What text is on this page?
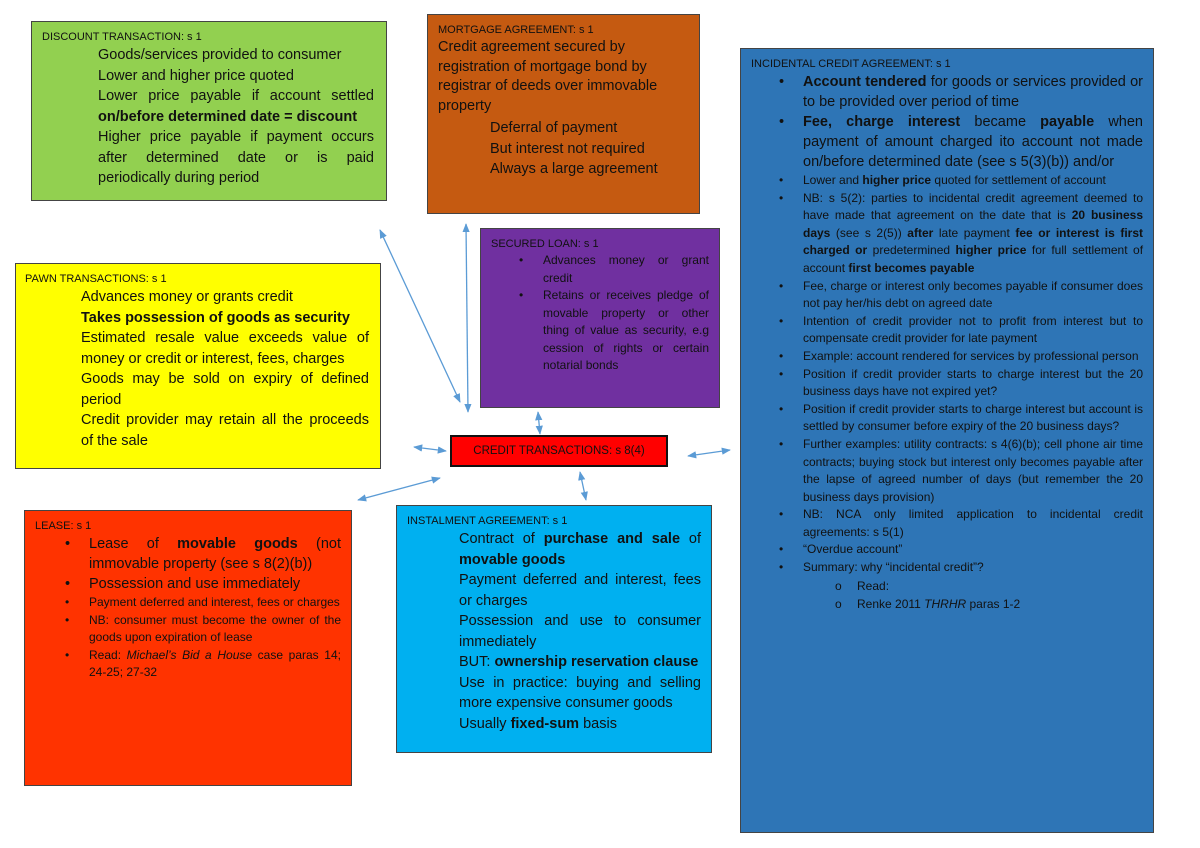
DISCOUNT TRANSACTION: s 1
• Goods/services provided to consumer
• Lower and higher price quoted
• Lower price payable if account settled on/before determined date = discount
• Higher price payable if payment occurs after determined date or is paid periodically during period
MORTGAGE AGREEMENT: s 1
Credit agreement secured by registration of mortgage bond by registrar of deeds over immovable property
• Deferral of payment
• But interest not required
• Always a large agreement
SECURED LOAN: s 1
• Advances money or grant credit
• Retains or receives pledge of movable property or other thing of value as security, e.g cession of rights or certain notarial bonds
PAWN TRANSACTIONS: s 1
• Advances money or grants credit
• Takes possession of goods as security
• Estimated resale value exceeds value of money or credit or interest, fees, charges
• Goods may be sold on expiry of defined period
• Credit provider may retain all the proceeds of the sale
CREDIT TRANSACTIONS: s 8(4)
LEASE: s 1
• Lease of movable goods (not immovable property (see s 8(2)(b))
• Possession and use immediately
• Payment deferred and interest, fees or charges
• NB: consumer must become the owner of the goods upon expiration of lease
• Read: Michael’s Bid a House case paras 14; 24-25; 27-32
INSTALMENT AGREEMENT: s 1
• Contract of purchase and sale of movable goods
• Payment deferred and interest, fees or charges
• Possession and use to consumer immediately
• BUT: ownership reservation clause
• Use in practice: buying and selling more expensive consumer goods
• Usually fixed-sum basis
INCIDENTAL CREDIT AGREEMENT: s 1
• Account tendered for goods or services provided or to be provided over period of time
• Fee, charge interest became payable when payment of amount charged ito account not made on/before determined date (see s 5(3)(b)) and/or
• Lower and higher price quoted for settlement of account
• NB: s 5(2): parties to incidental credit agreement deemed to have made that agreement on the date that is 20 business days (see s 2(5)) after late payment fee or interest is first charged or predetermined higher price for full settlement of account first becomes payable
• Fee, charge or interest only becomes payable if consumer does not pay her/his debt on agreed date
• Intention of credit provider not to profit from interest but to compensate credit provider for late payment
• Example: account rendered for services by professional person
• Position if credit provider starts to charge interest but the 20 business days have not expired yet?
• Position if credit provider starts to charge interest but account is settled by consumer before expiry of the 20 business days?
• Further examples: utility contracts: s 4(6)(b); cell phone air time contracts; buying stock but interest only becomes payable after the lapse of agreed number of days (but remember the 20 business days provision)
• NB: NCA only limited application to incidental credit agreements: s 5(1)
• “Overdue account”
• Summary: why “incidental credit”?
o Read:
o Renke 2011 THRHR paras 1-2
